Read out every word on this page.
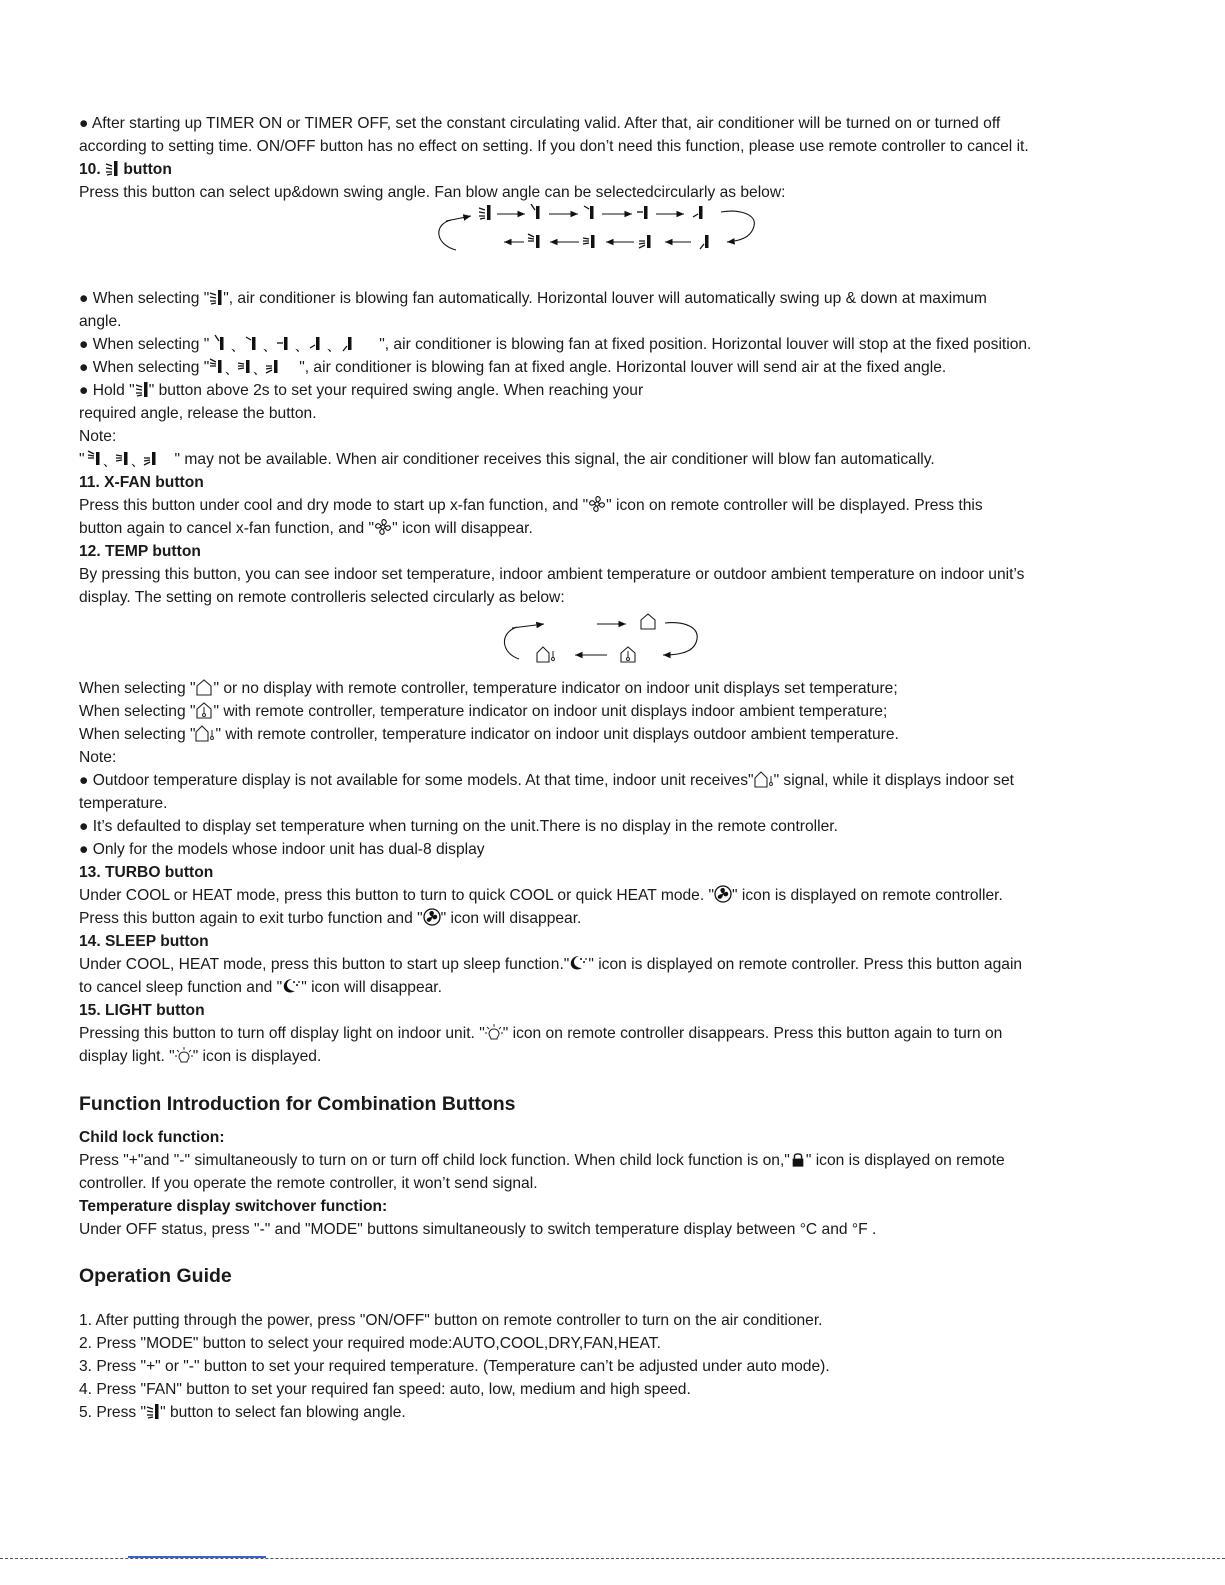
● After starting up TIMER ON or TIMER OFF, set the constant circulating valid. After that, air conditioner will be turned on or turned off
according to setting time. ON/OFF button has no effect on setting. If you don’t need this function, please use remote controller to cancel it.
10. button
Press this button can select up&down swing angle. Fan blow angle can be selectedcircularly as below:
● When selecting " ", air conditioner is blowing fan automatically. Horizontal louver will automatically swing up & down at maximum
angle.
● When selecting " 、 、 、 、 ", air conditioner is blowing fan at fixed position. Horizontal louver will stop at the fixed position.
● When selecting " 、 、 ", air conditioner is blowing fan at fixed angle. Horizontal louver will send air at the fixed angle.
● Hold " " button above 2s to set your required swing angle. When reaching your
required angle, release the button.
Note:
" 、 、 " may not be available. When air conditioner receives this signal, the air conditioner will blow fan automatically.
11. X-FAN button
Press this button under cool and dry mode to start up x-fan function, and " " icon on remote controller will be displayed. Press this
button again to cancel x-fan function, and " " icon will disappear.
12. TEMP button
By pressing this button, you can see indoor set temperature, indoor ambient temperature or outdoor ambient temperature on indoor unit’s
display. The setting on remote controlleris selected circularly as below:
When selecting " " or no display with remote controller, temperature indicator on indoor unit displays set temperature;
When selecting " " with remote controller, temperature indicator on indoor unit displays indoor ambient temperature;
When selecting " " with remote controller, temperature indicator on indoor unit displays outdoor ambient temperature.
Note:
● Outdoor temperature display is not available for some models. At that time, indoor unit receives" " signal, while it displays indoor set
temperature.
● It’s defaulted to display set temperature when turning on the unit.There is no display in the remote controller.
● Only for the models whose indoor unit has dual-8 display
13. TURBO button
Under COOL or HEAT mode, press this button to turn to quick COOL or quick HEAT mode. " " icon is displayed on remote controller.
Press this button again to exit turbo function and " " icon will disappear.
14. SLEEP button
Under COOL, HEAT mode, press this button to start up sleep function." " icon is displayed on remote controller. Press this button again
to cancel sleep function and " " icon will disappear.
15. LIGHT button
Pressing this button to turn off display light on indoor unit. " " icon on remote controller disappears. Press this button again to turn on
display light. " " icon is displayed.
Function Introduction for Combination Buttons
Child lock function:
Press "+"and "-" simultaneously to turn on or turn off child lock function. When child lock function is on," " icon is displayed on remote
controller. If you operate the remote controller, it won’t send signal.
Temperature display switchover function:
Under OFF status, press "-" and "MODE" buttons simultaneously to switch temperature display between °C and °F .
Operation Guide
1. After putting through the power, press "ON/OFF" button on remote controller to turn on the air conditioner.
2. Press "MODE" button to select your required mode:AUTO,COOL,DRY,FAN,HEAT.
3. Press "+" or "-" button to set your required temperature. (Temperature can’t be adjusted under auto mode).
4. Press "FAN" button to set your required fan speed: auto, low, medium and high speed.
5. Press " " button to select fan blowing angle.
